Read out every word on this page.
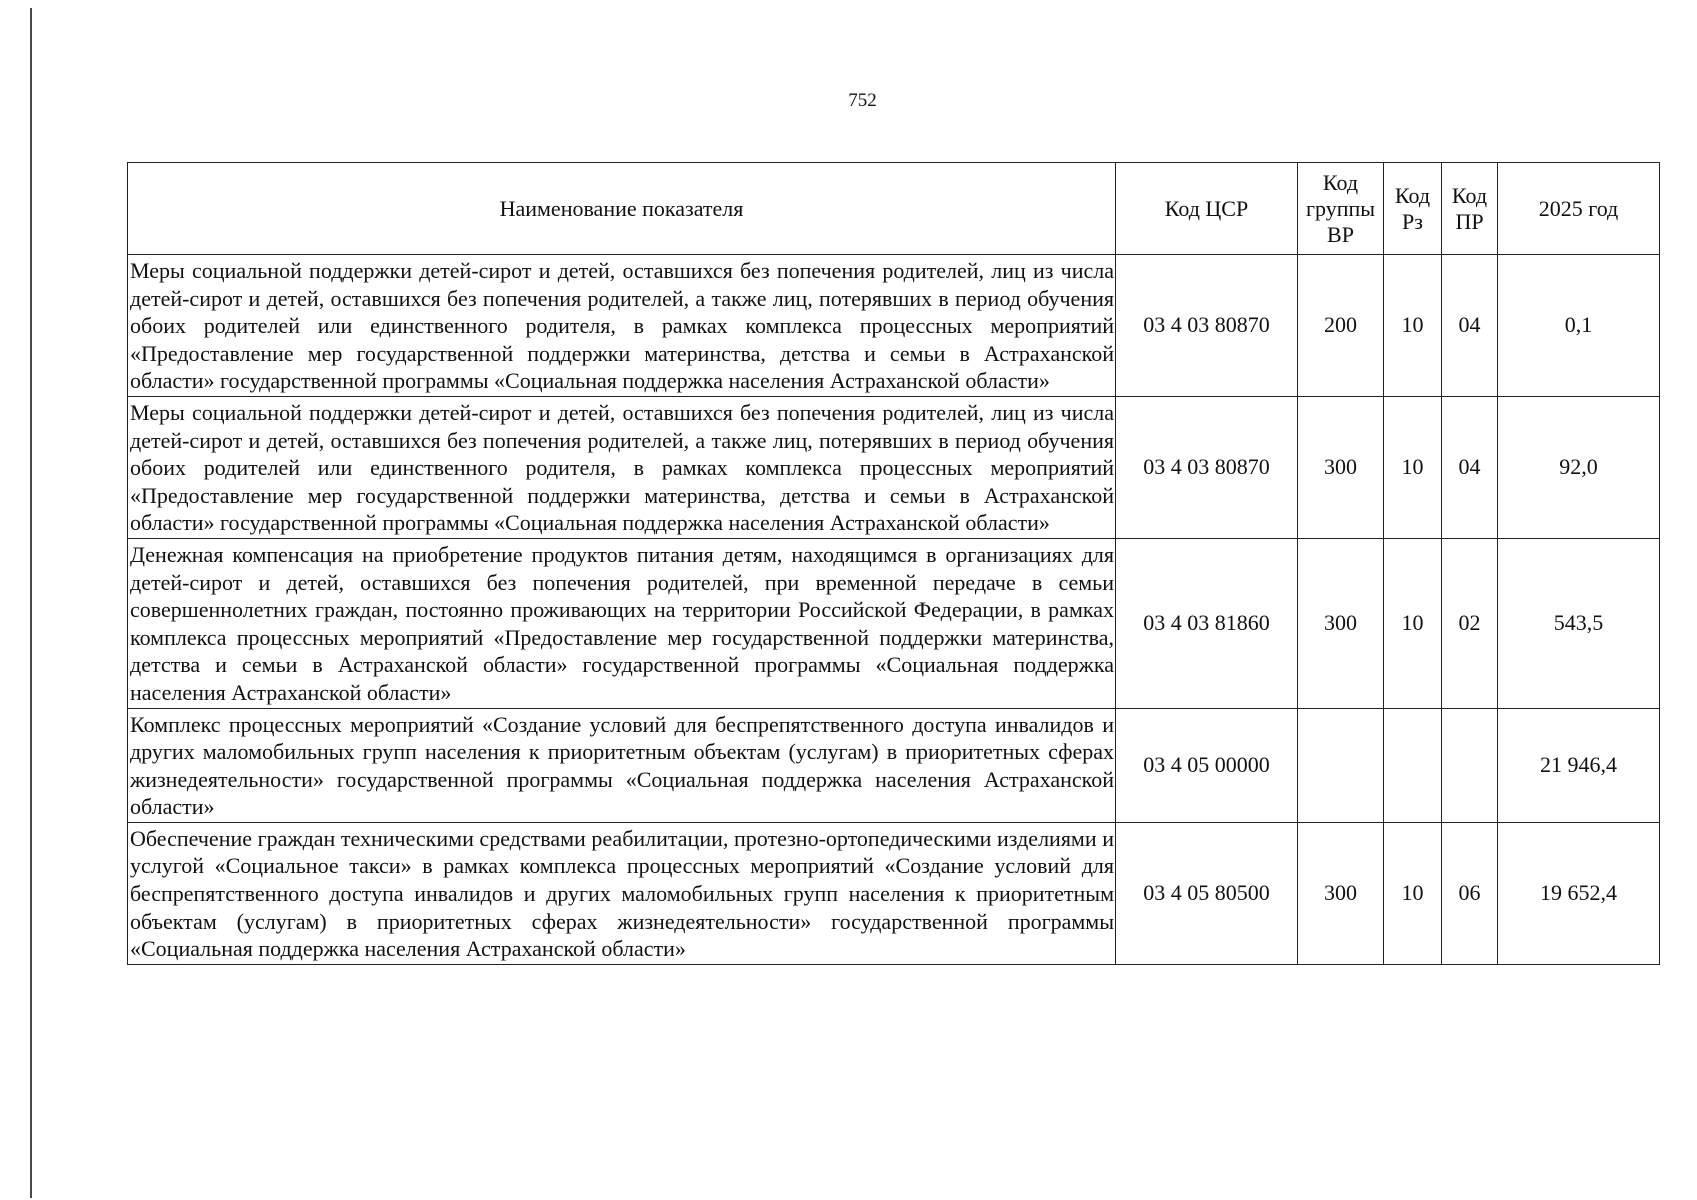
752
Наименование показателя	Код ЦСР	Код группы ВР	Код Рз	Код ПР	2025 год
Меры социальной поддержки детей-сирот и детей, оставшихся без попечения родителей, лиц из числа детей-сирот и детей, оставшихся без попечения родителей, а также лиц, потерявших в период обучения обоих родителей или единственного родителя, в рамках комплекса процессных мероприятий «Предоставление мер государственной поддержки материнства, детства и семьи в Астраханской области» государственной программы «Социальная поддержка населения Астраханской области»	03 4 03 80870	200	10	04	0,1
Меры социальной поддержки детей-сирот и детей, оставшихся без попечения родителей, лиц из числа детей-сирот и детей, оставшихся без попечения родителей, а также лиц, потерявших в период обучения обоих родителей или единственного родителя, в рамках комплекса процессных мероприятий «Предоставление мер государственной поддержки материнства, детства и семьи в Астраханской области» государственной программы «Социальная поддержка населения Астраханской области»	03 4 03 80870	300	10	04	92,0
Денежная компенсация на приобретение продуктов питания детям, находящимся в организациях для детей-сирот и детей, оставшихся без попечения родителей, при временной передаче в семьи совершеннолетних граждан, постоянно проживающих на территории Российской Федерации, в рамках комплекса процессных мероприятий «Предоставление мер государственной поддержки материнства, детства и семьи в Астраханской области» государственной программы «Социальная поддержка населения Астраханской области»	03 4 03 81860	300	10	02	543,5
Комплекс процессных мероприятий «Создание условий для беспрепятственного доступа инвалидов и других маломобильных групп населения к приоритетным объектам (услугам) в приоритетных сферах жизнедеятельности» государственной программы «Социальная поддержка населения Астраханской области»	03 4 05 00000				21 946,4
Обеспечение граждан техническими средствами реабилитации, протезно-ортопедическими изделиями и услугой «Социальное такси» в рамках комплекса процессных мероприятий «Создание условий для беспрепятственного доступа инвалидов и других маломобильных групп населения к приоритетным объектам (услугам) в приоритетных сферах жизнедеятельности» государственной программы «Социальная поддержка населения Астраханской области»	03 4 05 80500	300	10	06	19 652,4
